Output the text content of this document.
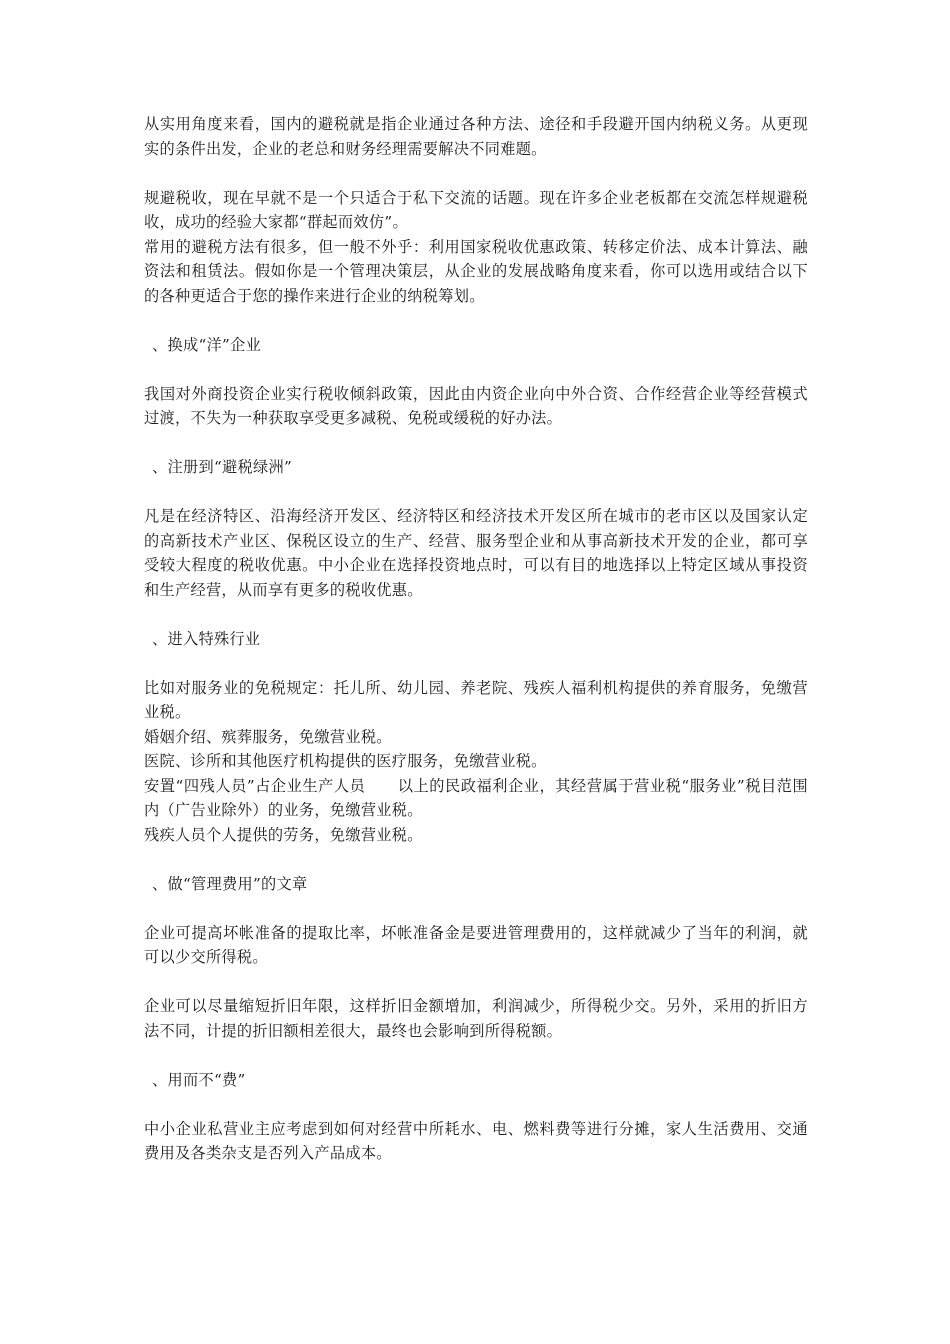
从实用角度来看，国内的避税就是指企业通过各种方法、途径和手段避开国内纳税义务。从更现实的条件出发，企业的老总和财务经理需要解决不同难题。

规避税收，现在早就不是一个只适合于私下交流的话题。现在许多企业老板都在交流怎样规避税收，成功的经验大家都“群起而效仿”。

常用的避税方法有很多，但一般不外乎：利用国家税收优惠政策、转移定价法、成本计算法、融资法和租赁法。假如你是一个管理决策层，从企业的发展战略角度来看，你可以选用或结合以下的各种更适合于您的操作来进行企业的纳税筹划。

、换成“洋”企业

我国对外商投资企业实行税收倾斜政策，因此由内资企业向中外合资、合作经营企业等经营模式过渡，不失为一种获取享受更多减税、免税或缓税的好办法。

、注册到“避税绿洲”

凡是在经济特区、沿海经济开发区、经济特区和经济技术开发区所在城市的老市区以及国家认定的高新技术产业区、保税区设立的生产、经营、服务型企业和从事高新技术开发的企业，都可享受较大程度的税收优惠。中小企业在选择投资地点时，可以有目的地选择以上特定区域从事投资和生产经营，从而享有更多的税收优惠。

、进入特殊行业

比如对服务业的免税规定：托儿所、幼儿园、养老院、残疾人福利机构提供的养育服务，免缴营业税。

婚姻介绍、殡葬服务，免缴营业税。

医院、诊所和其他医疗机构提供的医疗服务，免缴营业税。

安置“四残人员”占企业生产人员      以上的民政福利企业，其经营属于营业税“服务业”税目范围内（广告业除外）的业务，免缴营业税。

残疾人员个人提供的劳务，免缴营业税。

、做“管理费用”的文章

企业可提高坏帐准备的提取比率，坏帐准备金是要进管理费用的，这样就减少了当年的利润，就可以少交所得税。

企业可以尽量缩短折旧年限，这样折旧金额增加，利润减少，所得税少交。另外，采用的折旧方法不同，计提的折旧额相差很大，最终也会影响到所得税额。

、用而不“费”

中小企业私营业主应考虑到如何对经营中所耗水、电、燃料费等进行分摊，家人生活费用、交通费用及各类杂支是否列入产品成本。
